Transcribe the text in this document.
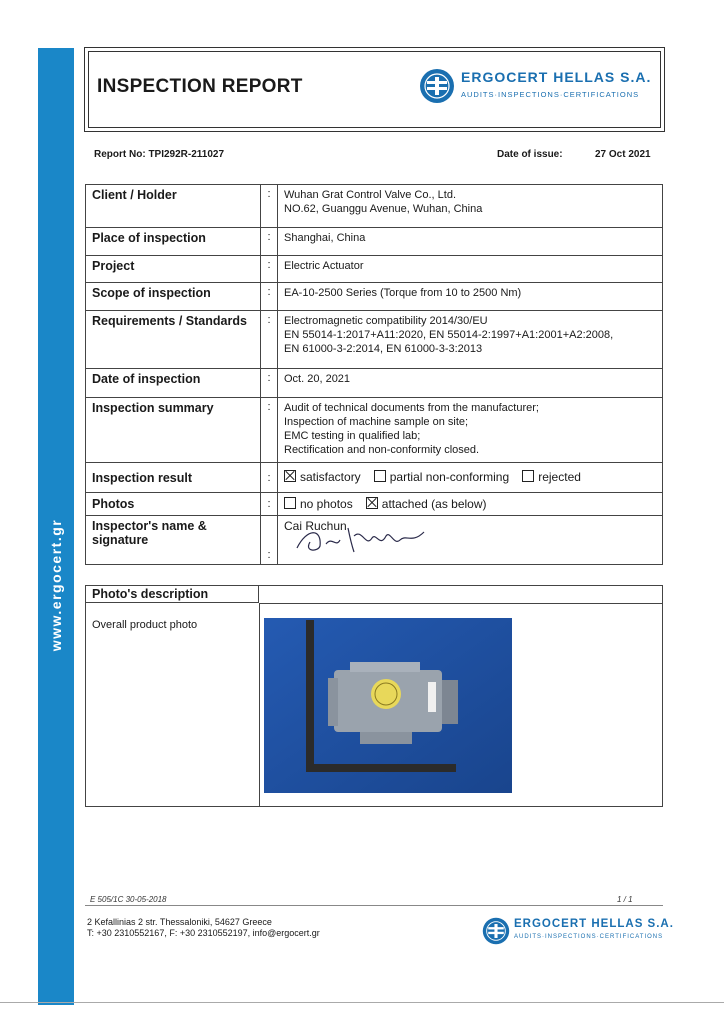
www.ergocert.gr
INSPECTION REPORT	ERGOCERT HELLAS S.A.
AUDITS·INSPECTIONS·CERTIFICATIONS
Report No: TPI292R-211027	Date of issue:	27 Oct 2021
Client / Holder	:	Wuhan Grat Control Valve Co., Ltd.
NO.62, Guanggu Avenue, Wuhan, China

Place of inspection	:	Shanghai, China
Project	:	Electric Actuator
Scope of inspection	:	EA-10-2500 Series (Torque from 10 to 2500 Nm)
Requirements / Standards	:	Electromagnetic compatibility 2014/30/EU
EN 55014-1:2017+A11:2020, EN 55014-2:1997+A1:2001+A2:2008,
EN 61000-3-2:2014, EN 61000-3-3:2013

Date of inspection	:	Oct. 20, 2021
Inspection summary	:	Audit of technical documents from the manufacturer;
Inspection of machine sample on site;
EMC testing in qualified lab;
Rectification and non-conformity closed.

Inspection result	:	satisfactory partial non-conforming rejected
Photos	:	no photos attached (as below)

Inspector's name &
signature	:	Cai Ruchun
Photo's description
Overall product photo
E 505/1C 30-05-2018	1 / 1
2 Kefallinias 2 str. Thessaloniki, 54627 Greece
T: +30 2310552167, F: +30 2310552197, info@ergocert.gr
ERGOCERT HELLAS S.A.
AUDITS·INSPECTIONS·CERTIFICATIONS
